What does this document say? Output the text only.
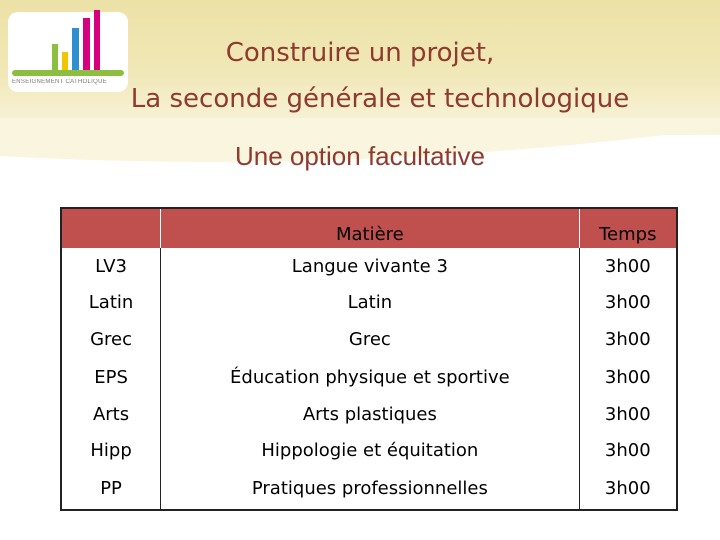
ENSEIGNEMENT CATHOLIQUE
Construire un projet,
La seconde générale et technologique
Une option facultative
	Matière	Temps
LV3	Langue vivante 3	3h00
Latin	Latin	3h00
Grec	Grec	3h00
EPS	Éducation physique et sportive	3h00
Arts	Arts plastiques	3h00
Hipp	Hippologie et équitation	3h00
PP	Pratiques professionnelles	3h00
